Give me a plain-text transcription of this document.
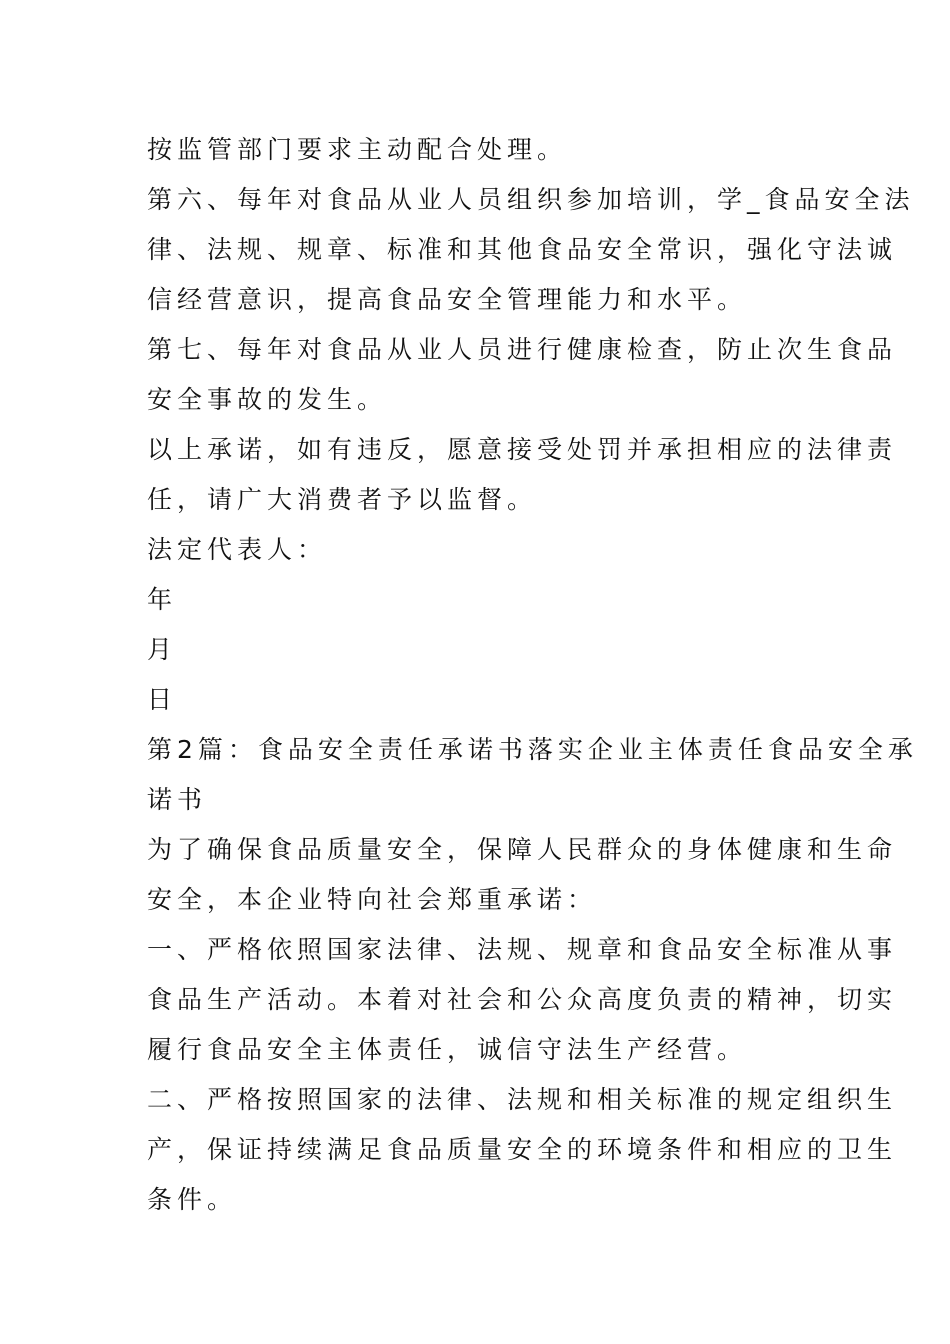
按监管部门要求主动配合处理。
第六、每年对食品从业人员组织参加培训，学_食品安全法
律、法规、规章、标准和其他食品安全常识，强化守法诚
信经营意识，提高食品安全管理能力和水平。
第七、每年对食品从业人员进行健康检查，防止次生食品
安全事故的发生。
以上承诺，如有违反，愿意接受处罚并承担相应的法律责
任，请广大消费者予以监督。
法定代表人：
年
月
日
第2篇：食品安全责任承诺书落实企业主体责任食品安全承
诺书
为了确保食品质量安全，保障人民群众的身体健康和生命
安全，本企业特向社会郑重承诺：
一、严格依照国家法律、法规、规章和食品安全标准从事
食品生产活动。本着对社会和公众高度负责的精神，切实
履行食品安全主体责任，诚信守法生产经营。
二、严格按照国家的法律、法规和相关标准的规定组织生
产，保证持续满足食品质量安全的环境条件和相应的卫生
条件。
